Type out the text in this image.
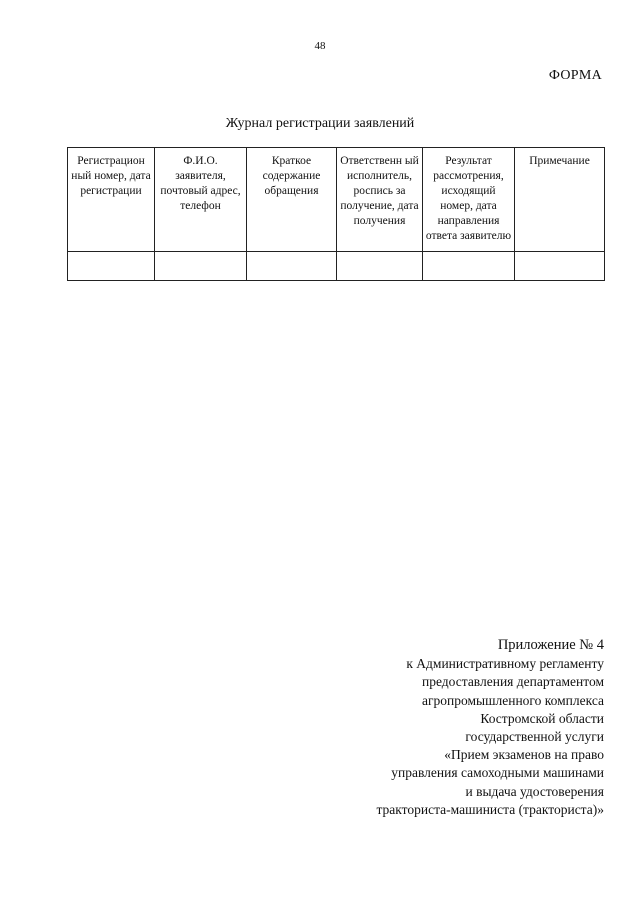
48
ФОРМА
Журнал регистрации заявлений
Регистрацион ный номер, дата регистрации	Ф.И.О. заявителя, почтовый адрес, телефон	Краткое содержание обращения	Ответственн ый исполнитель, роспись за получение, дата получения	Результат рассмотрения, исходящий номер, дата направления ответа заявителю	Примечание

Приложение № 4
к Административному регламенту
предоставления департаментом
агропромышленного комплекса
Костромской области
государственной услуги
«Прием экзаменов на право
управления самоходными машинами
и выдача удостоверения
тракториста-машиниста (тракториста)»
